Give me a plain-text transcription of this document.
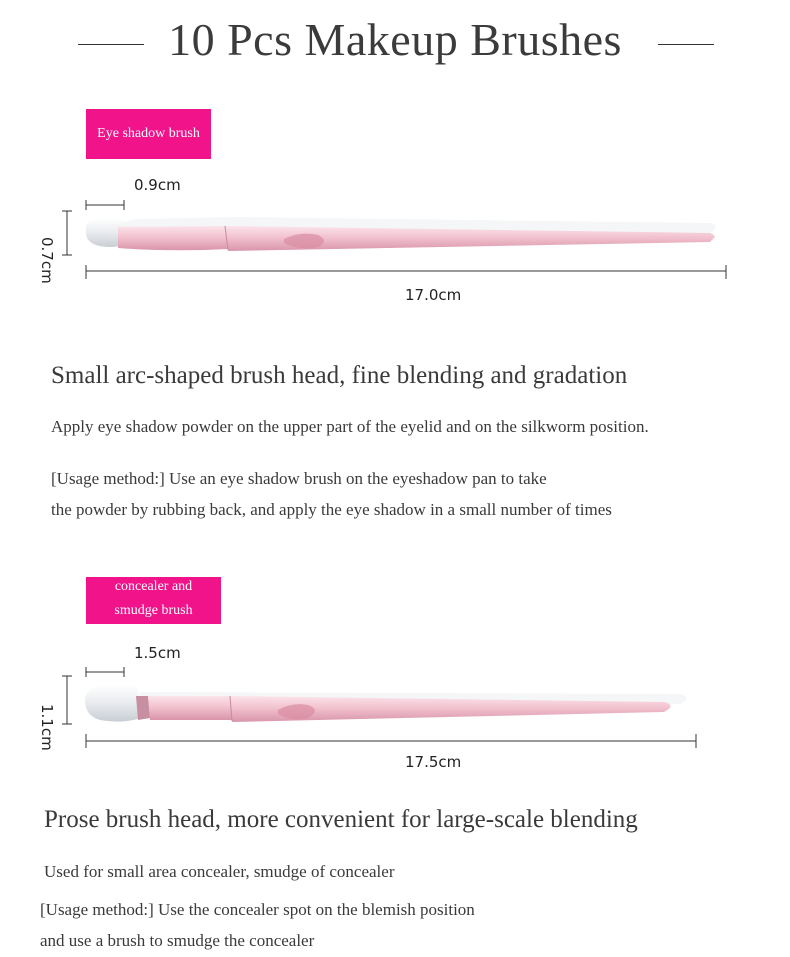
10 Pcs Makeup Brushes
Eye shadow brush
0.9cm
0.7cm
17.0cm
Small arc-shaped brush head, fine blending and gradation
Apply eye shadow powder on the upper part of the eyelid and on the silkworm position.
[Usage method:] Use an eye shadow brush on the eyeshadow pan to take
the powder by rubbing back, and apply the eye shadow in a small number of times
concealer and
smudge brush
1.5cm
1.1cm
17.5cm
Prose brush head, more convenient for large-scale blending
Used for small area concealer, smudge of concealer
[Usage method:] Use the concealer spot on the blemish position
and use a brush to smudge the concealer
